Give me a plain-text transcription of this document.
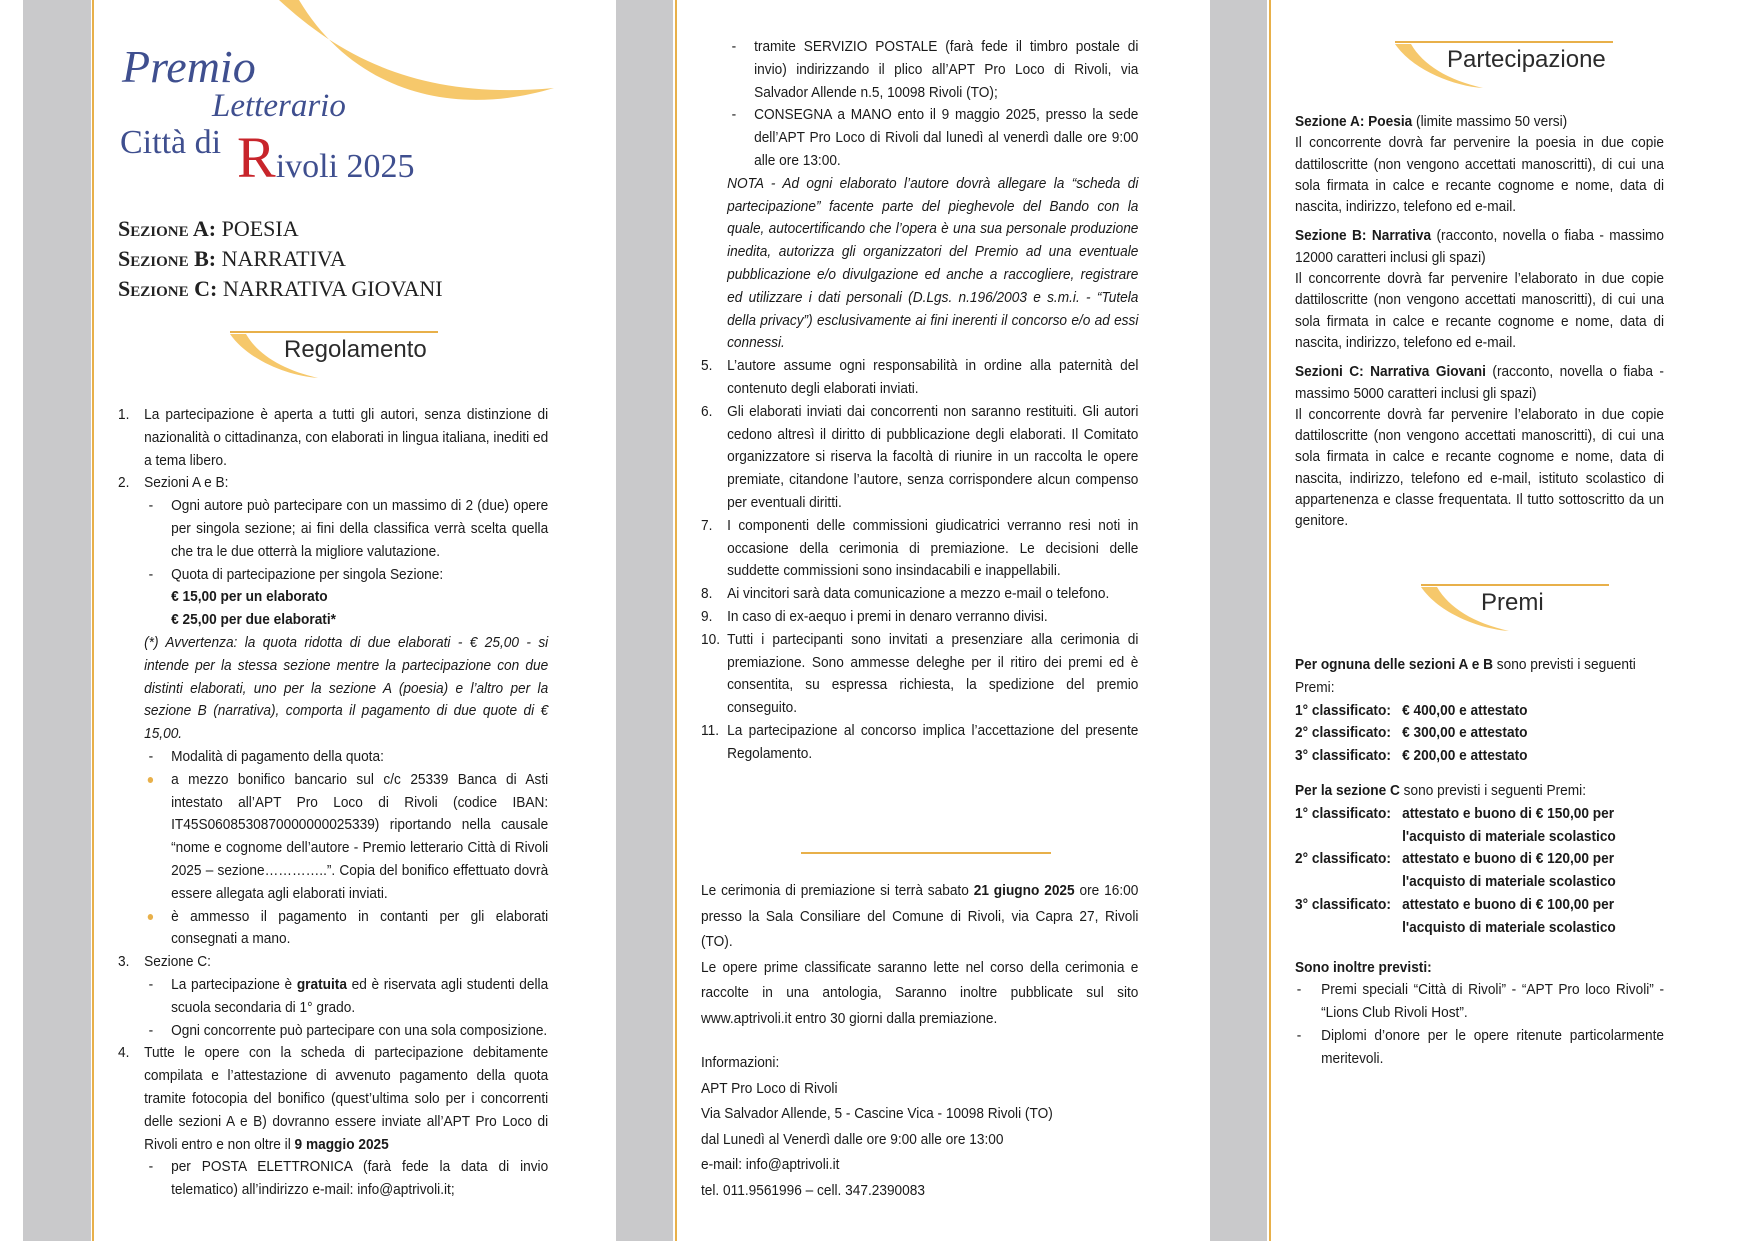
Premio
Letterario
Città di Rivoli 2025
Sezione A: POESIA
Sezione B: NARRATIVA
Sezione C: NARRATIVA GIOVANI
Regolamento
1. La partecipazione è aperta a tutti gli autori, senza distinzione di nazionalità o cittadinanza, con elaborati in lingua italiana, inediti ed a tema libero.
2. Sezioni A e B:
- Ogni autore può partecipare con un massimo di 2 (due) opere per singola sezione; ai fini della classifica verrà scelta quella che tra le due otterrà la migliore valutazione.
- Quota di partecipazione per singola Sezione:
€ 15,00 per un elaborato
€ 25,00 per due elaborati*
(*) Avvertenza: la quota ridotta di due elaborati - € 25,00 - si intende per la stessa sezione mentre la partecipazione con due distinti elaborati, uno per la sezione A (poesia) e l’altro per la sezione B (narrativa), comporta il pagamento di due quote di € 15,00.
- Modalità di pagamento della quota:
a mezzo bonifico bancario sul c/c 25339 Banca di Asti intestato all’APT Pro Loco di Rivoli (codice IBAN: IT45S0608530870000000025339) riportando nella causale “nome e cognome dell’autore - Premio letterario Città di Rivoli 2025 – sezione…………..”. Copia del bonifico effettuato dovrà essere allegata agli elaborati inviati.
è ammesso il pagamento in contanti per gli elaborati consegnati a mano.
3. Sezione C:
- La partecipazione è gratuita ed è riservata agli studenti della scuola secondaria di 1° grado.
- Ogni concorrente può partecipare con una sola composizione.
4. Tutte le opere con la scheda di partecipazione debitamente compilata e l’attestazione di avvenuto pagamento della quota tramite fotocopia del bonifico (quest’ultima solo per i concorrenti delle sezioni A e B) dovranno essere inviate all’APT Pro Loco di Rivoli entro e non oltre il 9 maggio 2025
- per POSTA ELETTRONICA (farà fede la data di invio telematico) all’indirizzo e-mail: info@aptrivoli.it;
- tramite SERVIZIO POSTALE (farà fede il timbro postale di invio) indirizzando il plico all’APT Pro Loco di Rivoli, via Salvador Allende n.5, 10098 Rivoli (TO);
- CONSEGNA a MANO ento il 9 maggio 2025, presso la sede dell’APT Pro Loco di Rivoli dal lunedì al venerdì dalle ore 9:00 alle ore 13:00.
NOTA - Ad ogni elaborato l’autore dovrà allegare la “scheda di partecipazione” facente parte del pieghevole del Bando con la quale, autocertificando che l’opera è una sua personale produzione inedita, autorizza gli organizzatori del Premio ad una eventuale pubblicazione e/o divulgazione ed anche a raccogliere, registrare ed utilizzare i dati personali (D.Lgs. n.196/2003 e s.m.i. - “Tutela della privacy”) esclusivamente ai fini inerenti il concorso e/o ad essi connessi.
5. L’autore assume ogni responsabilità in ordine alla paternità del contenuto degli elaborati inviati.
6. Gli elaborati inviati dai concorrenti non saranno restituiti. Gli autori cedono altresì il diritto di pubblicazione degli elaborati. Il Comitato organizzatore si riserva la facoltà di riunire in un raccolta le opere premiate, citandone l’autore, senza corrispondere alcun compenso per eventuali diritti.
7. I componenti delle commissioni giudicatrici verranno resi noti in occasione della cerimonia di premiazione. Le decisioni delle suddette commissioni sono insindacabili e inappellabili.
8. Ai vincitori sarà data comunicazione a mezzo e-mail o telefono.
9. In caso di ex-aequo i premi in denaro verranno divisi.
10. Tutti i partecipanti sono invitati a presenziare alla cerimonia di premiazione. Sono ammesse deleghe per il ritiro dei premi ed è consentita, su espressa richiesta, la spedizione del premio conseguito.
11. La partecipazione al concorso implica l’accettazione del presente Regolamento.
Le cerimonia di premiazione si terrà sabato 21 giugno 2025 ore 16:00 presso la Sala Consiliare del Comune di Rivoli, via Capra 27, Rivoli (TO).
Le opere prime classificate saranno lette nel corso della cerimonia e raccolte in una antologia, Saranno inoltre pubblicate sul sito www.aptrivoli.it entro 30 giorni dalla premiazione.
Informazioni:
APT Pro Loco di Rivoli
Via Salvador Allende, 5 - Cascine Vica - 10098 Rivoli (TO)
dal Lunedì al Venerdì dalle ore 9:00 alle ore 13:00
e-mail: info@aptrivoli.it
tel. 011.9561996 – cell. 347.2390083
Partecipazione
Sezione A: Poesia (limite massimo 50 versi)
Il concorrente dovrà far pervenire la poesia in due copie dattiloscritte (non vengono accettati manoscritti), di cui una sola firmata in calce e recante cognome e nome, data di nascita, indirizzo, telefono ed e-mail.
Sezione B: Narrativa (racconto, novella o fiaba - massimo 12000 caratteri inclusi gli spazi)
Il concorrente dovrà far pervenire l’elaborato in due copie dattiloscritte (non vengono accettati manoscritti), di cui una sola firmata in calce e recante cognome e nome, data di nascita, indirizzo, telefono ed e-mail.
Sezioni C: Narrativa Giovani (racconto, novella o fiaba - massimo 5000 caratteri inclusi gli spazi)
Il concorrente dovrà far pervenire l’elaborato in due copie dattiloscritte (non vengono accettati manoscritti), di cui una sola firmata in calce e recante cognome e nome, data di nascita, indirizzo, telefono ed e-mail, istituto scolastico di appartenenza e classe frequentata. Il tutto sottoscritto da un genitore.
Premi
Per ognuna delle sezioni A e B sono previsti i seguenti Premi:
1° classificato: € 400,00 e attestato
2° classificato: € 300,00 e attestato
3° classificato: € 200,00 e attestato
Per la sezione C sono previsti i seguenti Premi:
1° classificato: attestato e buono di € 150,00 per l'acquisto di materiale scolastico
2° classificato: attestato e buono di € 120,00 per l'acquisto di materiale scolastico
3° classificato: attestato e buono di € 100,00 per l'acquisto di materiale scolastico
Sono inoltre previsti:
- Premi speciali “Città di Rivoli” - “APT Pro loco Rivoli” - “Lions Club Rivoli Host”.
- Diplomi d’onore per le opere ritenute particolarmente meritevoli.
